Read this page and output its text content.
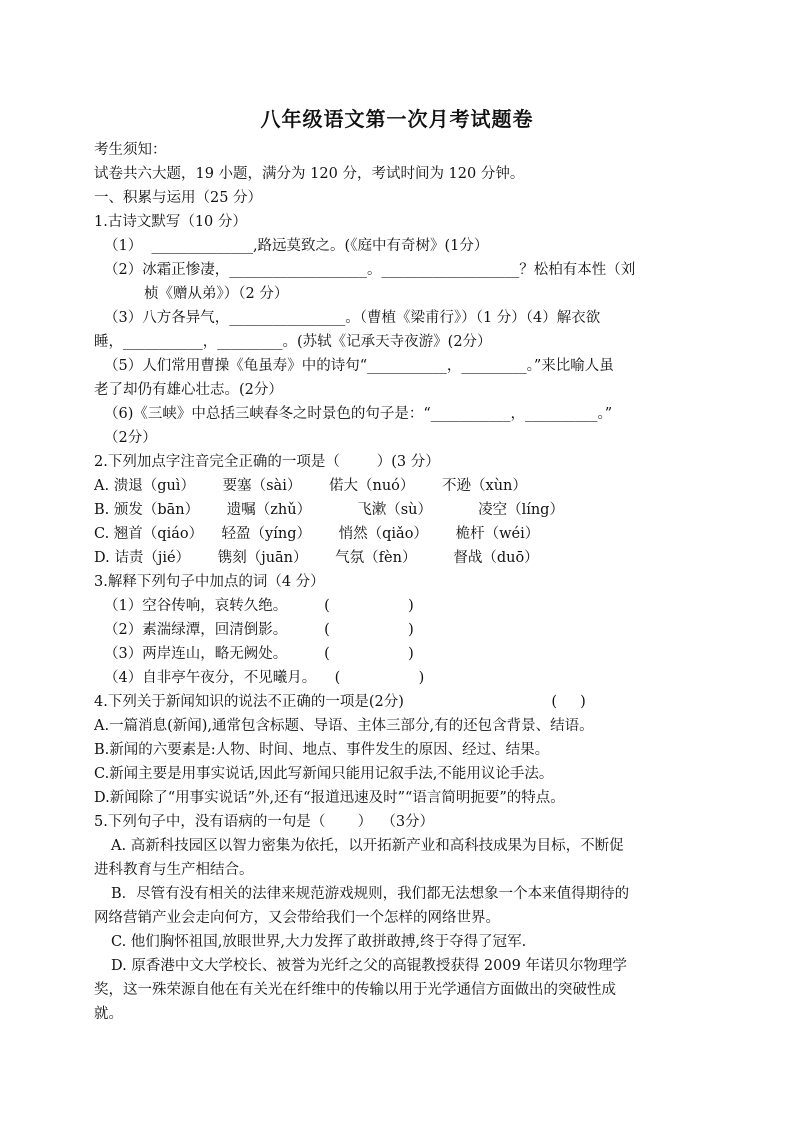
八年级语文第一次月考试题卷
考生须知：
试卷共六大题，19 小题，满分为 120 分，考试时间为 120 分钟。
一、积累与运用（25 分）
1.古诗文默写（10 分）
（1）  ______________,路远莫致之。(《庭中有奇树》(1分）
（2）冰霜正惨凄，___________________。___________________？松柏有本性（刘
桢《赠从弟》）（2 分）
（3）八方各异气，________________。（曹植《梁甫行》）（1 分）（4）解衣欲
睡，___________，_________。(苏轼《记承天寺夜游》(2分）
（5）人们常用曹操《龟虽寿》中的诗句“___________，_________。”来比喻人虽
老了却仍有雄心壮志。(2分）
（6)《三峡》中总括三峡春冬之时景色的句子是：“___________，__________。”
（2分）
2.下列加点字注音完全正确的一项是（        ）(3 分）
A. 溃退（guì）      要塞（sài）      偌大（nuó）      不逊（xùn）
B. 颁发（bān）      遗嘱（zhǔ）          飞漱（sù）          凌空（líng）
C. 翘首（qiáo）    轻盈（yíng）      悄然（qiǎo）      桅杆（wéi）
D. 诘责（jié）      镌刻（juān）      气氛（fèn）        督战（duō）
3.解释下列句子中加点的词（4 分）
（1）空谷传响，哀转久绝。        (                 )
（2）素湍绿潭，回清倒影。        (                 )
（3）两岸连山，略无阙处。        (                 )
（4）自非亭午夜分，不见曦月。    (                 )
4.下列关于新闻知识的说法不正确的一项是(2分)                                (     )
A.一篇消息(新闻),通常包含标题、导语、主体三部分,有的还包含背景、结语。
B.新闻的六要素是:人物、时间、地点、事件发生的原因、经过、结果。
C.新闻主要是用事实说话,因此写新闻只能用记叙手法,不能用议论手法。
D.新闻除了“用事实说话”外,还有“报道迅速及时”“语言简明扼要”的特点。
5.下列句子中，没有语病的一句是（       ）  （3分）
A. 高新科技园区以智力密集为依托，以开拓新产业和高科技成果为目标，不断促
进科教育与生产相结合。
B．尽管有没有相关的法律来规范游戏规则，我们都无法想象一个本来值得期待的
网络营销产业会走向何方，又会带给我们一个怎样的网络世界。
C. 他们胸怀祖国,放眼世界,大力发挥了敢拼敢搏,终于夺得了冠军.
D. 原香港中文大学校长、被誉为光纤之父的高锟教授获得 2009 年诺贝尔物理学
奖，这一殊荣源自他在有关光在纤维中的传输以用于光学通信方面做出的突破性成
就。
